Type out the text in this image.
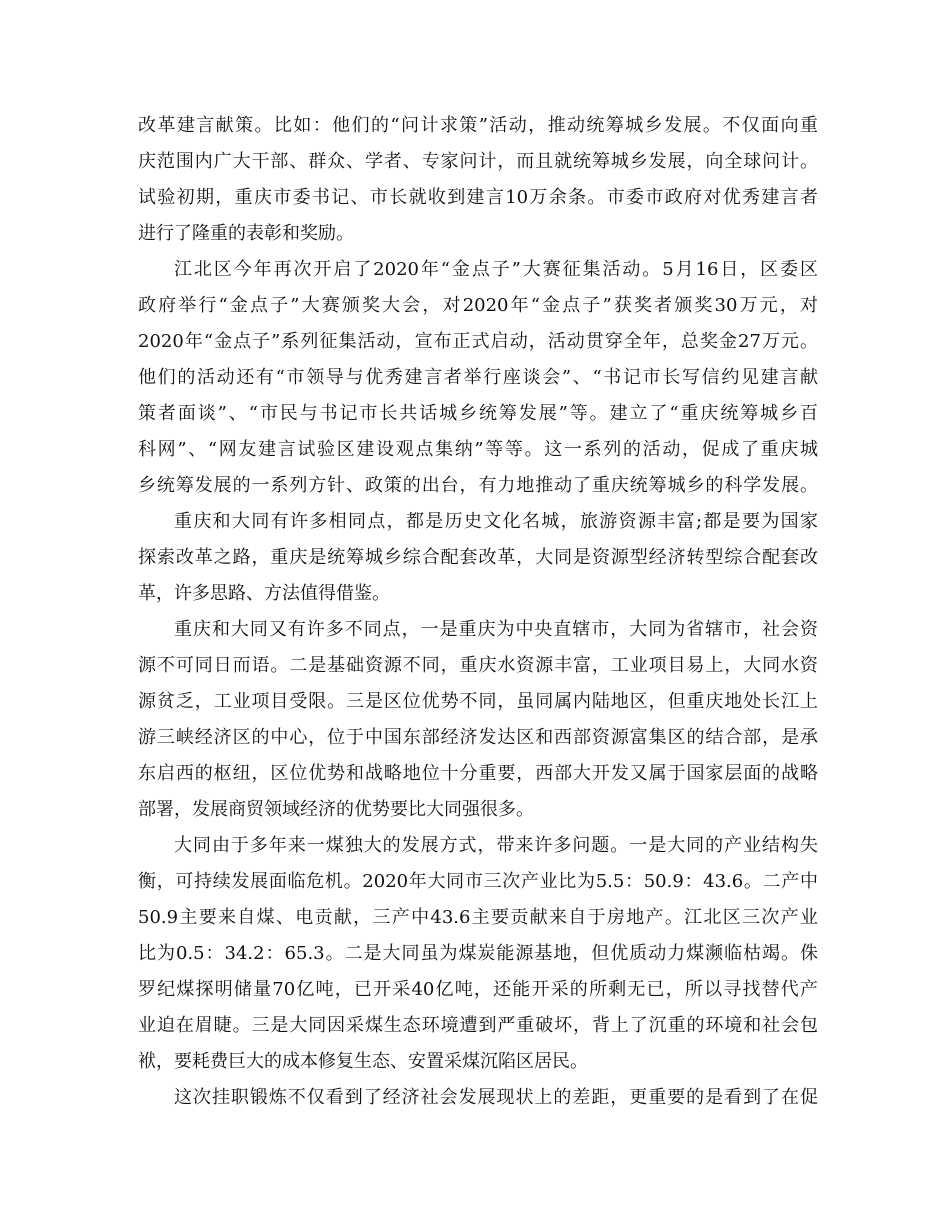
改革建言献策。比如：他们的“问计求策”活动，推动统筹城乡发展。不仅面向重
庆范围内广大干部、群众、学者、专家问计，而且就统筹城乡发展，向全球问计。
试验初期，重庆市委书记、市长就收到建言10万余条。市委市政府对优秀建言者
进行了隆重的表彰和奖励。
江北区今年再次开启了2020年“金点子”大赛征集活动。5月16日，区委区
政府举行“金点子”大赛颁奖大会，对2020年“金点子”获奖者颁奖30万元，对
2020年“金点子”系列征集活动，宣布正式启动，活动贯穿全年，总奖金27万元。
他们的活动还有“市领导与优秀建言者举行座谈会”、“书记市长写信约见建言献
策者面谈”、“市民与书记市长共话城乡统筹发展”等。建立了“重庆统筹城乡百
科网”、“网友建言试验区建设观点集纳”等等。这一系列的活动，促成了重庆城
乡统筹发展的一系列方针、政策的出台，有力地推动了重庆统筹城乡的科学发展。
重庆和大同有许多相同点，都是历史文化名城，旅游资源丰富;都是要为国家
探索改革之路，重庆是统筹城乡综合配套改革，大同是资源型经济转型综合配套改
革，许多思路、方法值得借鉴。
重庆和大同又有许多不同点，一是重庆为中央直辖市，大同为省辖市，社会资
源不可同日而语。二是基础资源不同，重庆水资源丰富，工业项目易上，大同水资
源贫乏，工业项目受限。三是区位优势不同，虽同属内陆地区，但重庆地处长江上
游三峡经济区的中心，位于中国东部经济发达区和西部资源富集区的结合部，是承
东启西的枢纽，区位优势和战略地位十分重要，西部大开发又属于国家层面的战略
部署，发展商贸领域经济的优势要比大同强很多。
大同由于多年来一煤独大的发展方式，带来许多问题。一是大同的产业结构失
衡，可持续发展面临危机。2020年大同市三次产业比为5.5：50.9：43.6。二产中
50.9主要来自煤、电贡献，三产中43.6主要贡献来自于房地产。江北区三次产业
比为0.5：34.2：65.3。二是大同虽为煤炭能源基地，但优质动力煤濒临枯竭。侏
罗纪煤探明储量70亿吨，已开采40亿吨，还能开采的所剩无已，所以寻找替代产
业迫在眉睫。三是大同因采煤生态环境遭到严重破坏，背上了沉重的环境和社会包
袱，要耗费巨大的成本修复生态、安置采煤沉陷区居民。
这次挂职锻炼不仅看到了经济社会发展现状上的差距，更重要的是看到了在促
